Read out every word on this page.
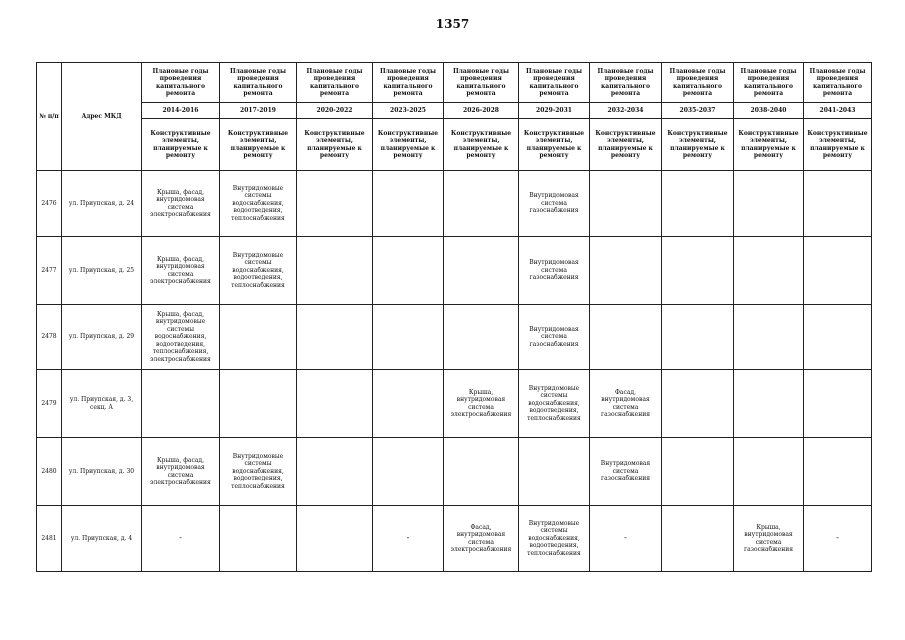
1357
№ п/п	Адрес МКД	Плановые годы проведения капитального ремонта	Плановые годы проведения капитального ремонта	Плановые годы проведения капитального ремонта	Плановые годы проведения капитального ремонта	Плановые годы проведения капитального ремонта	Плановые годы проведения капитального ремонта	Плановые годы проведения капитального ремонта	Плановые годы проведения капитального ремонта	Плановые годы проведения капитального ремонта	Плановые годы проведения капитального ремонта
		2014-2016	2017-2019	2020-2022	2023-2025	2026-2028	2029-2031	2032-2034	2035-2037	2038-2040	2041-2043
		Конструктивные элементы, планируемые к ремонту	Конструктивные элементы, планируемые к ремонту	Конструктивные элементы, планируемые к ремонту	Конструктивные элементы, планируемые к ремонту	Конструктивные элементы, планируемые к ремонту	Конструктивные элементы, планируемые к ремонту	Конструктивные элементы, планируемые к ремонту	Конструктивные элементы, планируемые к ремонту	Конструктивные элементы, планируемые к ремонту	Конструктивные элементы, планируемые к ремонту
2476	ул. Приупская, д. 24	Крыша, фасад, внутридомовая система электроснабжения	Внутридомовые системы водоснабжения, водоотведения, теплоснабжения				Внутридомовая система газоснабжения				
2477	ул. Приупская, д. 25	Крыша, фасад, внутридомовая система электроснабжения	Внутридомовые системы водоснабжения, водоотведения, теплоснабжения				Внутридомовая система газоснабжения				
2478	ул. Приупская, д. 29	Крыша, фасад, внутридомовые системы водоснабжения, водоотведения, теплоснабжения, электроснабжения					Внутридомовая система газоснабжения				
2479	ул. Приупская, д. 3, секц. А					Крыша, внутридомовая система электроснабжения	Внутридомовые системы водоснабжения, водоотведения, теплоснабжения	Фасад, внутридомовая система газоснабжения			
2480	ул. Приупская, д. 30	Крыша, фасад, внутридомовая система электроснабжения	Внутридомовые системы водоснабжения, водоотведения, теплоснабжения					Внутридомовая система газоснабжения			
2481	ул. Приупская, д. 4	-			-	Фасад, внутридомовая система электроснабжения	Внутридомовые системы водоснабжения, водоотведения, теплоснабжения	-		Крыша, внутридомовая система газоснабжения	-
